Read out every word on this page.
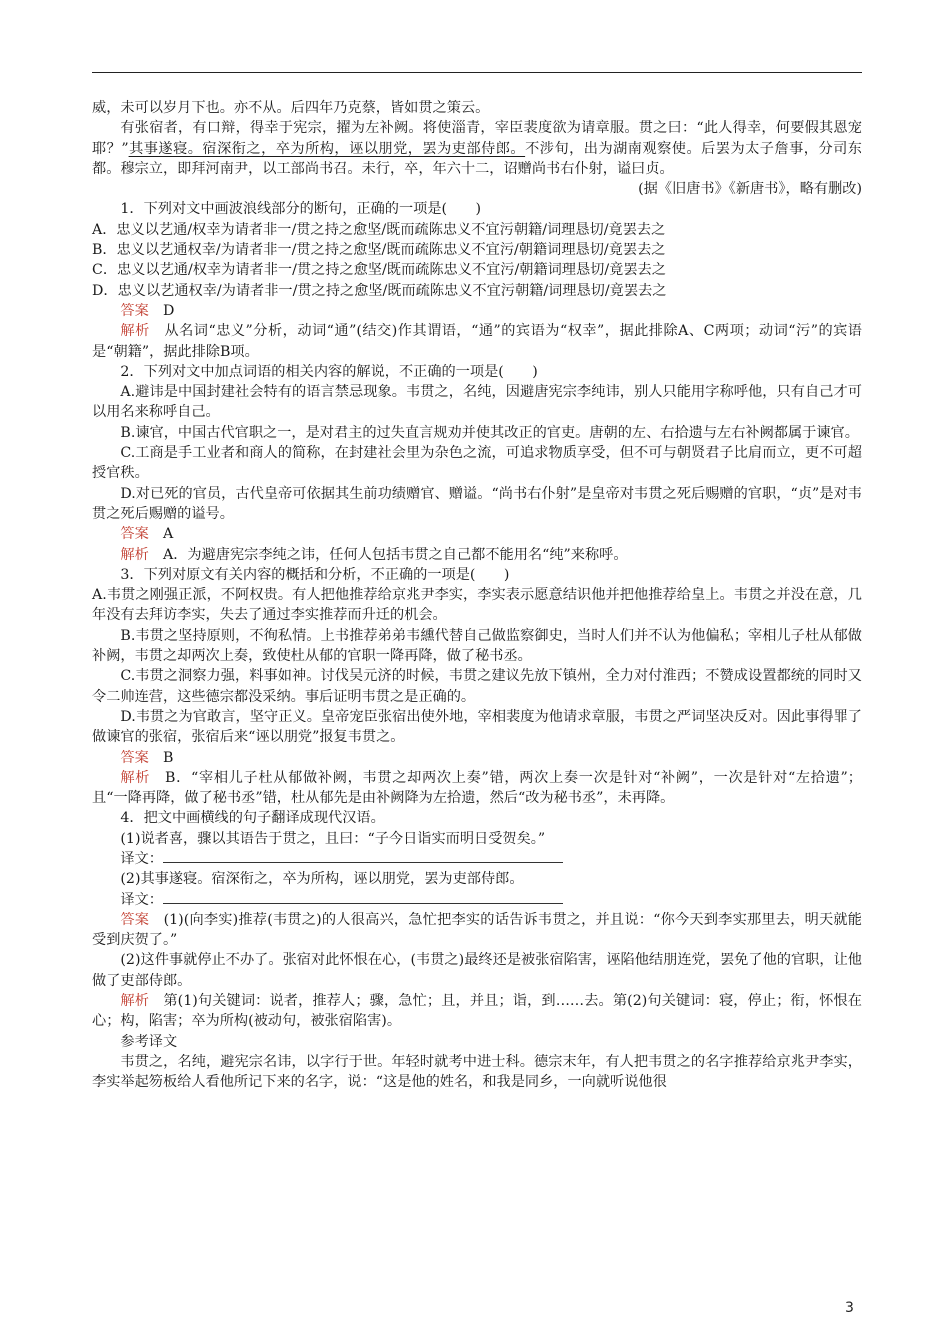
威，未可以岁月下也。亦不从。后四年乃克蔡，皆如贯之策云。

有张宿者，有口辩，得幸于宪宗，擢为左补阙。将使淄青，宰臣裴度欲为请章服。贯之曰：“此人得幸，何要假其恩宠耶？”其事遂寝。宿深衔之，卒为所构，诬以朋党，罢为吏部侍郎。不涉旬，出为湖南观察使。后罢为太子詹事，分司东都。穆宗立，即拜河南尹，以工部尚书召。未行，卒，年六十二，诏赠尚书右仆射，谥曰贞。

(据《旧唐书》《新唐书》，略有删改)

1．下列对文中画波浪线部分的断句，正确的一项是(　　)

A．忠义以艺通/权幸为请者非一/贯之持之愈坚/既而疏陈忠义不宜污朝籍/词理恳切/竟罢去之

B．忠义以艺通权幸/为请者非一/贯之持之愈坚/既而疏陈忠义不宜污/朝籍词理恳切/竟罢去之

C．忠义以艺通/权幸为请者非一/贯之持之愈坚/既而疏陈忠义不宜污/朝籍词理恳切/竟罢去之

D．忠义以艺通权幸/为请者非一/贯之持之愈坚/既而疏陈忠义不宜污朝籍/词理恳切/竟罢去之

答案　 D

解析　 从名词“忠义”分析，动词“通”(结交)作其谓语，“通”的宾语为“权幸”，据此排除A、C两项；动词“污”的宾语是“朝籍”，据此排除B项。

2．下列对文中加点词语的相关内容的解说，不正确的一项是(　　)

A.避讳是中国封建社会特有的语言禁忌现象。韦贯之，名纯，因避唐宪宗李纯讳，别人只能用字称呼他，只有自己才可以用名来称呼自己。

B.谏官，中国古代官职之一，是对君主的过失直言规劝并使其改正的官吏。唐朝的左、右拾遗与左右补阙都属于谏官。

C.工商是手工业者和商人的简称，在封建社会里为杂色之流，可追求物质享受，但不可与朝贤君子比肩而立，更不可超授官秩。

D.对已死的官员，古代皇帝可依据其生前功绩赠官、赠谥。“尚书右仆射”是皇帝对韦贯之死后赐赠的官职，“贞”是对韦贯之死后赐赠的谥号。

答案　 A

解析　 A．为避唐宪宗李纯之讳，任何人包括韦贯之自己都不能用名“纯”来称呼。

3．下列对原文有关内容的概括和分析，不正确的一项是(　　)

A.韦贯之刚强正派，不阿权贵。有人把他推荐给京兆尹李实，李实表示愿意结识他并把他推荐给皇上。韦贯之并没在意，几年没有去拜访李实，失去了通过李实推荐而升迁的机会。

B.韦贯之坚持原则，不徇私情。上书推荐弟弟韦纁代替自己做监察御史，当时人们并不认为他偏私；宰相儿子杜从郁做补阙，韦贯之却两次上奏，致使杜从郁的官职一降再降，做了秘书丞。

C.韦贯之洞察力强，料事如神。讨伐吴元济的时候，韦贯之建议先放下镇州，全力对付淮西；不赞成设置都统的同时又令二帅连营，这些德宗都没采纳。事后证明韦贯之是正确的。

D.韦贯之为官敢言，坚守正义。皇帝宠臣张宿出使外地，宰相裴度为他请求章服，韦贯之严词坚决反对。因此事得罪了做谏官的张宿，张宿后来“诬以朋党”报复韦贯之。

答案　 B

解析　 B．“宰相儿子杜从郁做补阙，韦贯之却两次上奏”错，两次上奏一次是针对“补阙”，一次是针对“左拾遗”；且“一降再降，做了秘书丞”错，杜从郁先是由补阙降为左拾遗，然后“改为秘书丞”，未再降。

4．把文中画横线的句子翻译成现代汉语。

(1)说者喜，骤以其语告于贯之，且曰：“子今日诣实而明日受贺矣。”

译文：

(2)其事遂寝。宿深衔之，卒为所构，诬以朋党，罢为吏部侍郎。

译文：

答案　 (1)(向李实)推荐(韦贯之)的人很高兴，急忙把李实的话告诉韦贯之，并且说：“你今天到李实那里去，明天就能受到庆贺了。”

(2)这件事就停止不办了。张宿对此怀恨在心，(韦贯之)最终还是被张宿陷害，诬陷他结朋连党，罢免了他的官职，让他做了吏部侍郎。

解析　 第(1)句关键词：说者，推荐人；骤，急忙；且，并且；诣，到……去。第(2)句关键词：寝，停止；衔，怀恨在心；构，陷害；卒为所构(被动句，被张宿陷害)。

参考译文

韦贯之，名纯，避宪宗名讳，以字行于世。年轻时就考中进士科。德宗末年，有人把韦贯之的名字推荐给京兆尹李实，李实举起笏板给人看他所记下来的名字，说：“这是他的姓名，和我是同乡，一向就听说他很

3
